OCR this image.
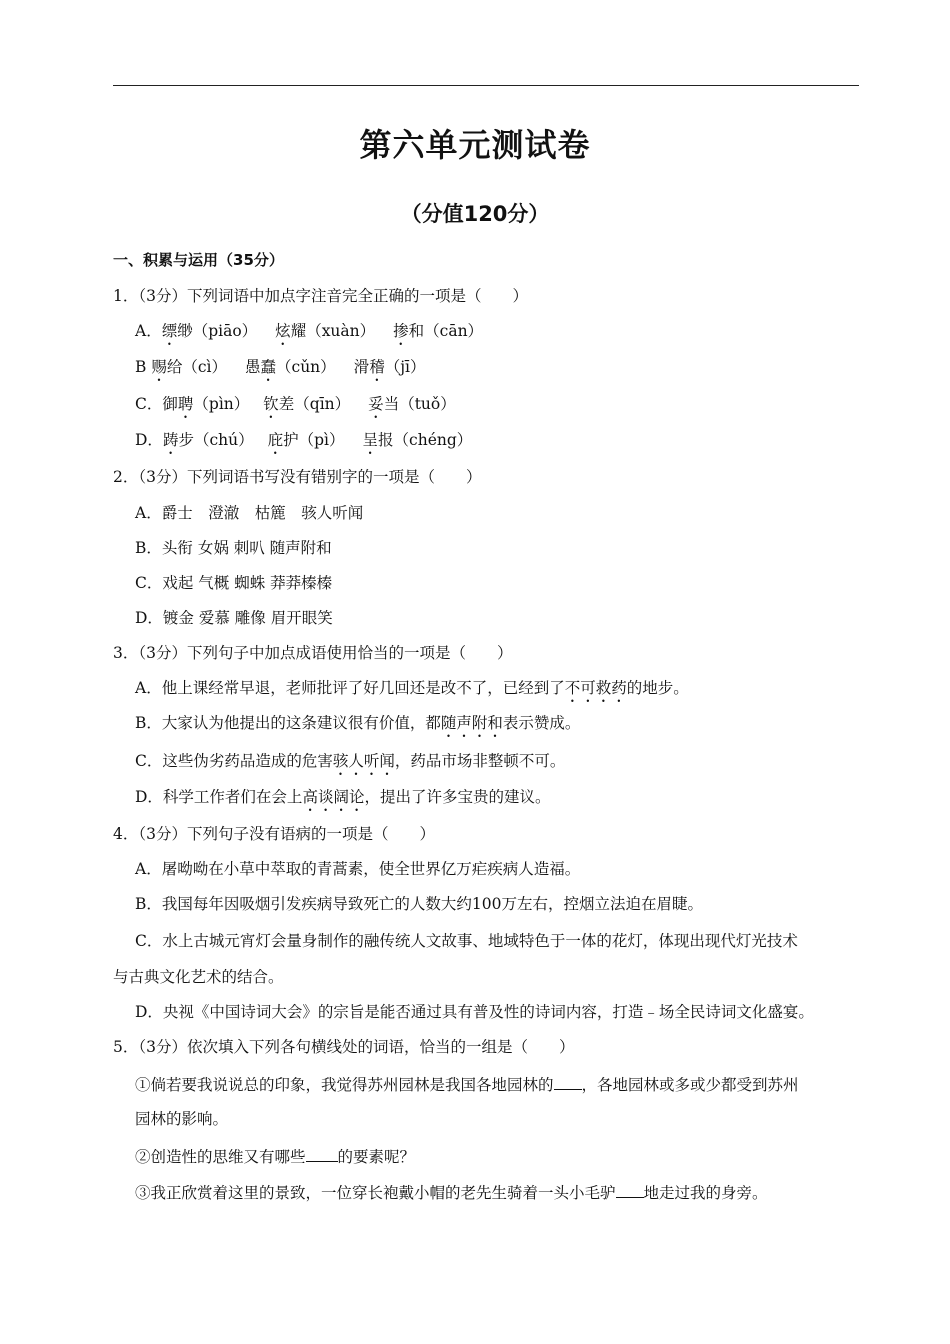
第六单元测试卷
（分值120分）
一、积累与运用（35分）
1．（3分）下列词语中加点字注音完全正确的一项是（　　）
A．缥缈（piāo） 炫耀（xuàn） 掺和（cān）
B 赐给（cì） 愚蠢（cǔn） 滑稽（jī）
C．御聘（pìn） 钦差（qīn） 妥当（tuǒ）
D．踌步（chú） 庇护（pì） 呈报（chéng）
2．（3分）下列词语书写没有错别字的一项是（　　）
A．爵士　澄澈　枯簏　骇人听闻
B．头衔 女娲 刺叭 随声附和
C．戏起 气概 蜘蛛 莽莽榛榛
D．镀金 爱慕 雕像 眉开眼笑
3．（3分）下列句子中加点成语使用恰当的一项是（　　）
A．他上课经常早退，老师批评了好几回还是改不了，已经到了不可救药的地步。
B．大家认为他提出的这条建议很有价值，都随声附和表示赞成。
C．这些伪劣药品造成的危害骇人听闻，药品市场非整顿不可。
D．科学工作者们在会上高谈阔论，提出了许多宝贵的建议。
4．（3分）下列句子没有语病的一项是（　　）
A．屠呦呦在小草中萃取的青蒿素，使全世界亿万疟疾病人造福。
B．我国每年因吸烟引发疾病导致死亡的人数大约100万左右，控烟立法迫在眉睫。
C．水上古城元宵灯会量身制作的融传统人文故事、地域特色于一体的花灯，体现出现代灯光技术
与古典文化艺术的结合。
D．央视《中国诗词大会》的宗旨是能否通过具有普及性的诗词内容，打造﹣场全民诗词文化盛宴。
5．（3分）依次填入下列各句横线处的词语，恰当的一组是（　　）
①倘若要我说说总的印象，我觉得苏州园林是我国各地园林的 ，各地园林或多或少都受到苏州
园林的影响。
②创造性的思维又有哪些 的要素呢？
③我正欣赏着这里的景致，一位穿长袍戴小帽的老先生骑着一头小毛驴 地走过我的身旁。
